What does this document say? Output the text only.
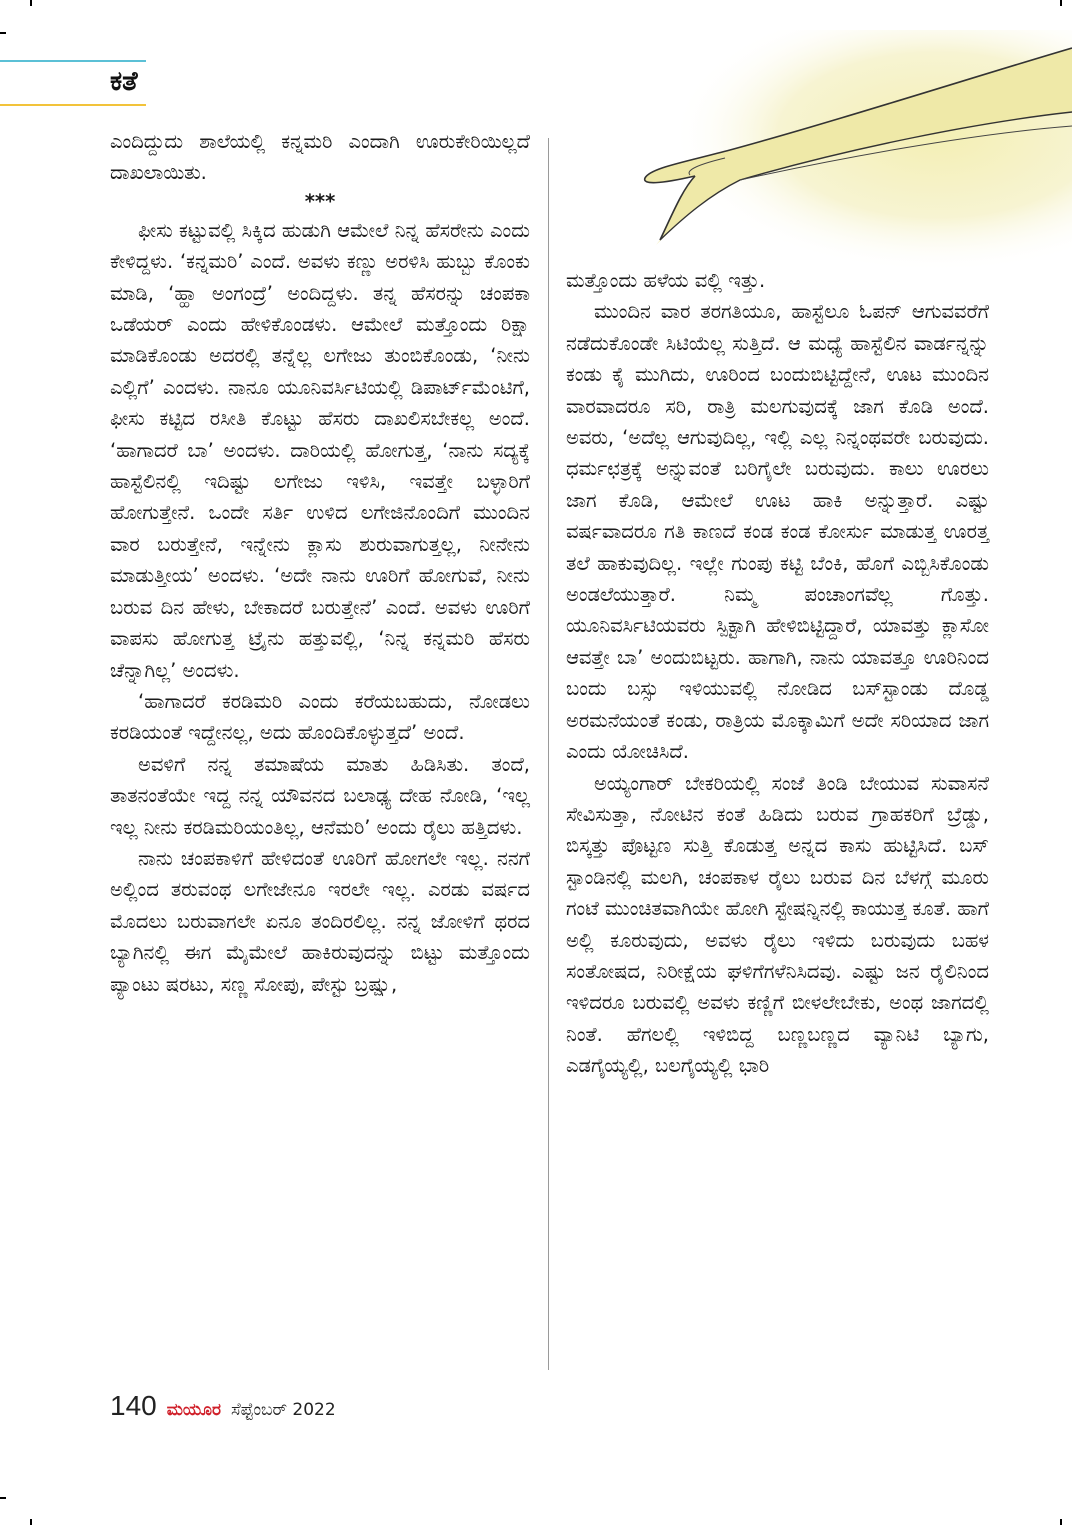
ಕತೆ

ಎಂದಿದ್ದುದು ಶಾಲೆಯಲ್ಲಿ ಕನ್ನಮರಿ ಎಂದಾಗಿ ಊರುಕೇರಿಯಿಲ್ಲದೆ ದಾಖಲಾಯಿತು.

***

ಫೀಸು ಕಟ್ಟುವಲ್ಲಿ ಸಿಕ್ಕಿದ ಹುಡುಗಿ ಆಮೇಲೆ ನಿನ್ನ ಹೆಸರೇನು ಎಂದು ಕೇಳಿದ್ದಳು. ‘ಕನ್ನಮರಿ’ ಎಂದೆ. ಅವಳು ಕಣ್ಣು ಅರಳಿಸಿ ಹುಬ್ಬು ಕೊಂಕು ಮಾಡಿ, ‘ಹ್ಹಾ ಅಂಗಂದ್ರೆ’ ಅಂದಿದ್ದಳು. ತನ್ನ ಹೆಸರನ್ನು ಚಂಪಕಾ ಒಡೆಯರ್ ಎಂದು ಹೇಳಿಕೊಂಡಳು. ಆಮೇಲೆ ಮತ್ತೊಂದು ರಿಕ್ಷಾ ಮಾಡಿಕೊಂಡು ಅದರಲ್ಲಿ ತನ್ನೆಲ್ಲ ಲಗೇಜು ತುಂಬಿಕೊಂಡು, ‘ನೀನು ಎಲ್ಲಿಗೆ’ ಎಂದಳು. ನಾನೂ ಯೂನಿವರ್ಸಿಟಿಯಲ್ಲಿ ಡಿಪಾರ್ಟ್‌ಮೆಂಟಿಗೆ, ಫೀಸು ಕಟ್ಟಿದ ರಸೀತಿ ಕೊಟ್ಟು ಹೆಸರು ದಾಖಲಿಸಬೇಕಲ್ಲ ಅಂದೆ. ‘ಹಾಗಾದರೆ ಬಾ’ ಅಂದಳು. ದಾರಿಯಲ್ಲಿ ಹೋಗುತ್ತ, ‘ನಾನು ಸದ್ಯಕ್ಕೆ ಹಾಸ್ಟೆಲಿನಲ್ಲಿ ಇದಿಷ್ಟು ಲಗೇಜು ಇಳಿಸಿ, ಇವತ್ತೇ ಬಳ್ಳಾರಿಗೆ ಹೋಗುತ್ತೇನೆ. ಒಂದೇ ಸರ್ತಿ ಉಳಿದ ಲಗೇಜಿನೊಂದಿಗೆ ಮುಂದಿನ ವಾರ ಬರುತ್ತೇನೆ, ಇನ್ನೇನು ಕ್ಲಾಸು ಶುರುವಾಗುತ್ತಲ್ಲ, ನೀನೇನು ಮಾಡುತ್ತೀಯ’ ಅಂದಳು. ‘ಅದೇ ನಾನು ಊರಿಗೆ ಹೋಗುವೆ, ನೀನು ಬರುವ ದಿನ ಹೇಳು, ಬೇಕಾದರೆ ಬರುತ್ತೇನೆ’ ಎಂದೆ. ಅವಳು ಊರಿಗೆ ವಾಪಸು ಹೋಗುತ್ತ ಟ್ರೈನು ಹತ್ತುವಲ್ಲಿ, ‘ನಿನ್ನ ಕನ್ನಮರಿ ಹೆಸರು ಚೆನ್ನಾಗಿಲ್ಲ’ ಅಂದಳು.

‘ಹಾಗಾದರೆ ಕರಡಿಮರಿ ಎಂದು ಕರೆಯಬಹುದು, ನೋಡಲು ಕರಡಿಯಂತೆ ಇದ್ದೇನಲ್ಲ, ಅದು ಹೊಂದಿಕೊಳ್ಳುತ್ತದೆ’ ಅಂದೆ.

ಅವಳಿಗೆ ನನ್ನ ತಮಾಷೆಯ ಮಾತು ಹಿಡಿಸಿತು. ತಂದೆ, ತಾತನಂತೆಯೇ ಇದ್ದ ನನ್ನ ಯೌವನದ ಬಲಾಢ್ಯ ದೇಹ ನೋಡಿ, ‘ಇಲ್ಲ ಇಲ್ಲ ನೀನು ಕರಡಿಮರಿಯಂತಿಲ್ಲ, ಆನೆಮರಿ’ ಅಂದು ರೈಲು ಹತ್ತಿದಳು.

ನಾನು ಚಂಪಕಾಳಿಗೆ ಹೇಳಿದಂತೆ ಊರಿಗೆ ಹೋಗಲೇ ಇಲ್ಲ. ನನಗೆ ಅಲ್ಲಿಂದ ತರುವಂಥ ಲಗೇಜೇನೂ ಇರಲೇ ಇಲ್ಲ. ಎರಡು ವರ್ಷದ ಮೊದಲು ಬರುವಾಗಲೇ ಏನೂ ತಂದಿರಲಿಲ್ಲ. ನನ್ನ ಜೋಳಿಗೆ ಥರದ ಬ್ಯಾಗಿನಲ್ಲಿ ಈಗ ಮೈಮೇಲೆ ಹಾಕಿರುವುದನ್ನು ಬಿಟ್ಟು ಮತ್ತೊಂದು ಪ್ಯಾಂಟು ಷರಟು, ಸಣ್ಣ ಸೋಪು, ಪೇಸ್ಟು ಬ್ರಷ್ಷು,

ಮತ್ತೊಂದು ಹಳೆಯ ವಲ್ಲಿ ಇತ್ತು.

ಮುಂದಿನ ವಾರ ತರಗತಿಯೂ, ಹಾಸ್ಟೆಲೂ ಓಪನ್ ಆಗುವವರೆಗೆ ನಡೆದುಕೊಂಡೇ ಸಿಟಿಯೆಲ್ಲ ಸುತ್ತಿದೆ. ಆ ಮಧ್ಯೆ ಹಾಸ್ಟೆಲಿನ ವಾರ್ಡನ್ನನ್ನು ಕಂಡು ಕೈ ಮುಗಿದು, ಊರಿಂದ ಬಂದುಬಿಟ್ಟಿದ್ದೇನೆ, ಊಟ ಮುಂದಿನ ವಾರವಾದರೂ ಸರಿ, ರಾತ್ರಿ ಮಲಗುವುದಕ್ಕೆ ಜಾಗ ಕೊಡಿ ಅಂದೆ. ಅವರು, ‘ಅದೆಲ್ಲ ಆಗುವುದಿಲ್ಲ, ಇಲ್ಲಿ ಎಲ್ಲ ನಿನ್ನಂಥವರೇ ಬರುವುದು. ಧರ್ಮಛತ್ರಕ್ಕೆ ಅನ್ನುವಂತೆ ಬರಿಗೈಲೇ ಬರುವುದು. ಕಾಲು ಊರಲು ಜಾಗ ಕೊಡಿ, ಆಮೇಲೆ ಊಟ ಹಾಕಿ ಅನ್ನುತ್ತಾರೆ. ಎಷ್ಟು ವರ್ಷವಾದರೂ ಗತಿ ಕಾಣದೆ ಕಂಡ ಕಂಡ ಕೋರ್ಸು ಮಾಡುತ್ತ ಊರತ್ತ ತಲೆ ಹಾಕುವುದಿಲ್ಲ. ಇಲ್ಲೇ ಗುಂಪು ಕಟ್ಟಿ ಬೆಂಕಿ, ಹೊಗೆ ಎಬ್ಬಿಸಿಕೊಂಡು ಅಂಡಲೆಯುತ್ತಾರೆ. ನಿಮ್ಮ ಪಂಚಾಂಗವೆಲ್ಲ ಗೊತ್ತು. ಯೂನಿವರ್ಸಿಟಿಯವರು ಸ್ಪಿಕ್ಟಾಗಿ ಹೇಳಿಬಿಟ್ಟಿದ್ದಾರೆ, ಯಾವತ್ತು ಕ್ಲಾಸೋ ಆವತ್ತೇ ಬಾ’ ಅಂದುಬಿಟ್ಟರು. ಹಾಗಾಗಿ, ನಾನು ಯಾವತ್ತೂ ಊರಿನಿಂದ ಬಂದು ಬಸ್ಸು ಇಳಿಯುವಲ್ಲಿ ನೋಡಿದ ಬಸ್‌ಸ್ಟಾಂಡು ದೊಡ್ಡ ಅರಮನೆಯಂತೆ ಕಂಡು, ರಾತ್ರಿಯ ಮೊಕ್ಕಾಮಿಗೆ ಅದೇ ಸರಿಯಾದ ಜಾಗ ಎಂದು ಯೋಚಿಸಿದೆ.

ಅಯ್ಯಂಗಾರ್ ಬೇಕರಿಯಲ್ಲಿ ಸಂಜೆ ತಿಂಡಿ ಬೇಯುವ ಸುವಾಸನೆ ಸೇವಿಸುತ್ತಾ, ನೋಟಿನ ಕಂತೆ ಹಿಡಿದು ಬರುವ ಗ್ರಾಹಕರಿಗೆ ಬ್ರೆಡ್ಡು, ಬಿಸ್ಕತ್ತು ಪೊಟ್ಟಣ ಸುತ್ತಿ ಕೊಡುತ್ತ ಅನ್ನದ ಕಾಸು ಹುಟ್ಟಿಸಿದೆ. ಬಸ್ ಸ್ಟಾಂಡಿನಲ್ಲಿ ಮಲಗಿ, ಚಂಪಕಾಳ ರೈಲು ಬರುವ ದಿನ ಬೆಳಗ್ಗೆ ಮೂರು ಗಂಟೆ ಮುಂಚಿತವಾಗಿಯೇ ಹೋಗಿ ಸ್ಟೇಷನ್ನಿನಲ್ಲಿ ಕಾಯುತ್ತ ಕೂತೆ. ಹಾಗೆ ಅಲ್ಲಿ ಕೂರುವುದು, ಅವಳು ರೈಲು ಇಳಿದು ಬರುವುದು ಬಹಳ ಸಂತೋಷದ, ನಿರೀಕ್ಷೆಯ ಘಳಿಗೆಗಳೆನಿಸಿದವು. ಎಷ್ಟು ಜನ ರೈಲಿನಿಂದ ಇಳಿದರೂ ಬರುವಲ್ಲಿ ಅವಳು ಕಣ್ಣಿಗೆ ಬೀಳಲೇಬೇಕು, ಅಂಥ ಜಾಗದಲ್ಲಿ ನಿಂತೆ. ಹೆಗಲಲ್ಲಿ ಇಳಿಬಿದ್ದ ಬಣ್ಣಬಣ್ಣದ ವ್ಯಾನಿಟಿ ಬ್ಯಾಗು, ಎಡಗೈಯ್ಯಲ್ಲಿ, ಬಲಗೈಯ್ಯಲ್ಲಿ ಭಾರಿ

140 ಮಯೂರ ಸೆಪ್ಟೆಂಬರ್ 2022
